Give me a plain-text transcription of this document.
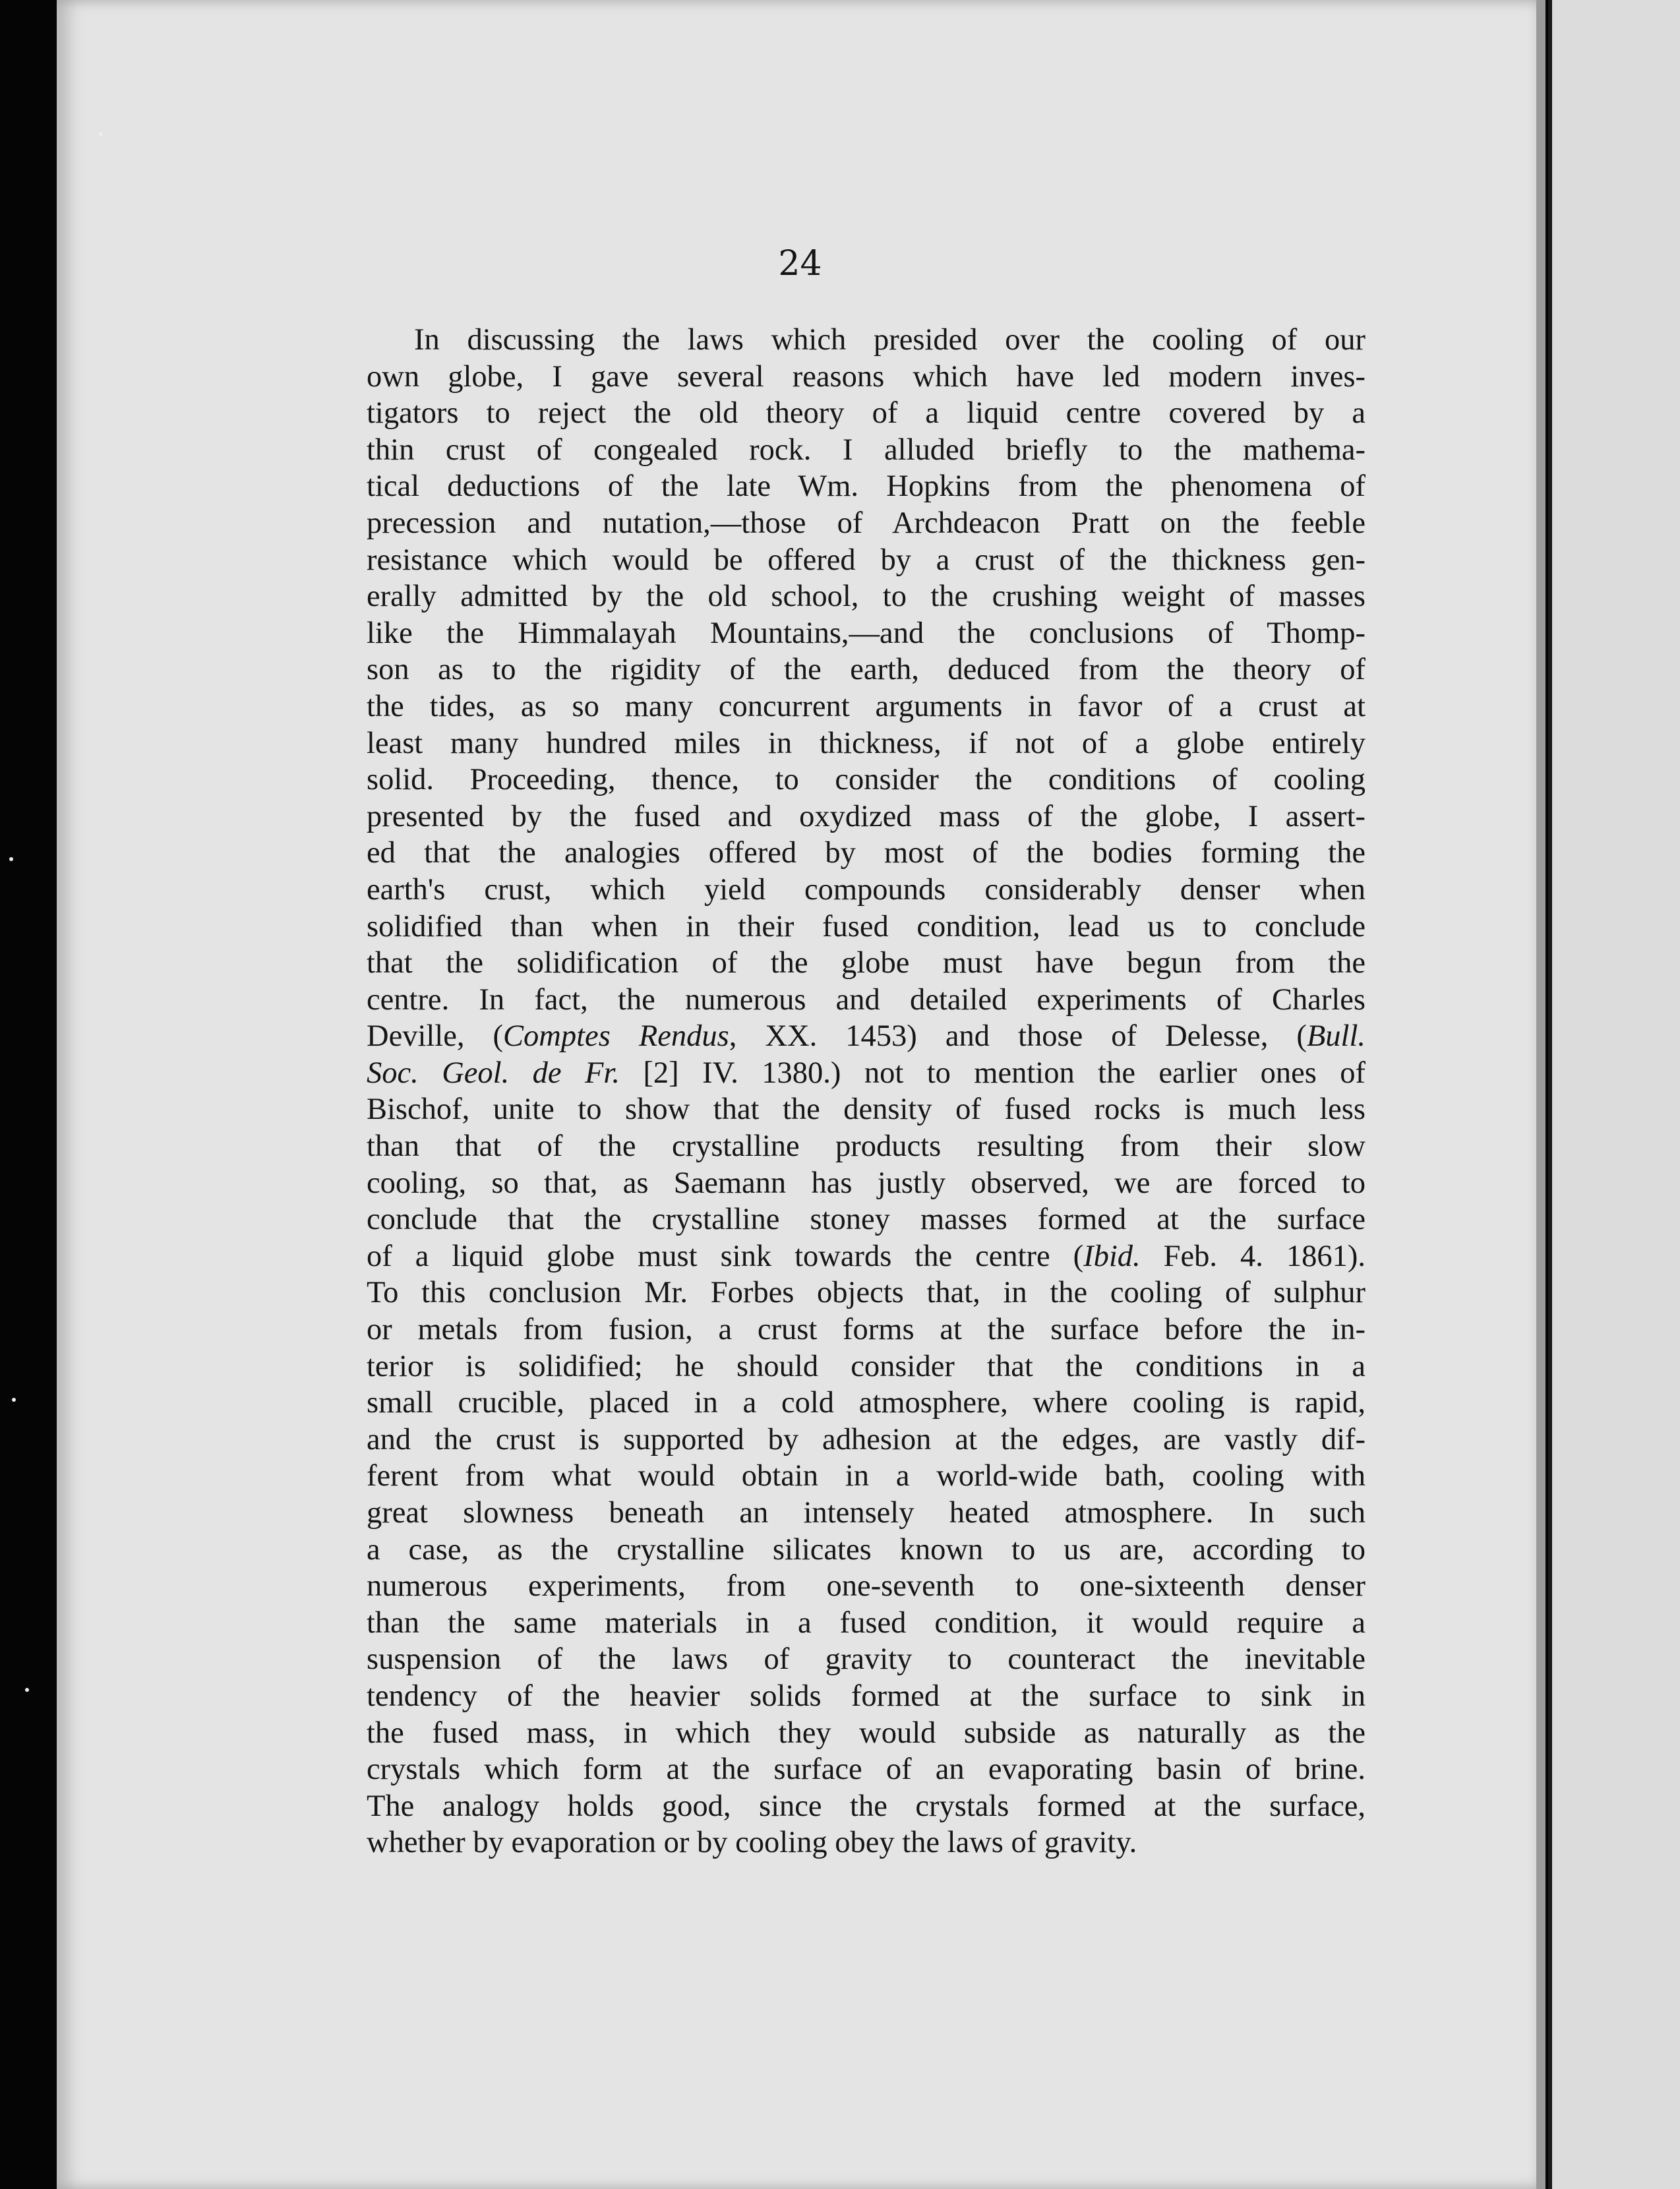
24
In discussing the laws which presided over the cooling of our
own globe, I gave several reasons which have led modern inves-
tigators to reject the old theory of a liquid centre covered by a
thin crust of congealed rock. I alluded briefly to the mathema-
tical deductions of the late Wm. Hopkins from the phenomena of
precession and nutation,—those of Archdeacon Pratt on the feeble
resistance which would be offered by a crust of the thickness gen-
erally admitted by the old school, to the crushing weight of masses
like the Himmalayah Mountains,—and the conclusions of Thomp-
son as to the rigidity of the earth, deduced from the theory of
the tides, as so many concurrent arguments in favor of a crust at
least many hundred miles in thickness, if not of a globe entirely
solid. Proceeding, thence, to consider the conditions of cooling
presented by the fused and oxydized mass of the globe, I assert-
ed that the analogies offered by most of the bodies forming the
earth's crust, which yield compounds considerably denser when
solidified than when in their fused condition, lead us to conclude
that the solidification of the globe must have begun from the
centre. In fact, the numerous and detailed experiments of Charles
Deville, (Comptes Rendus, XX. 1453) and those of Delesse, (Bull.
Soc. Geol. de Fr. [2] IV. 1380.) not to mention the earlier ones of
Bischof, unite to show that the density of fused rocks is much less
than that of the crystalline products resulting from their slow
cooling, so that, as Saemann has justly observed, we are forced to
conclude that the crystalline stoney masses formed at the surface
of a liquid globe must sink towards the centre (Ibid. Feb. 4. 1861).
To this conclusion Mr. Forbes objects that, in the cooling of sulphur
or metals from fusion, a crust forms at the surface before the in-
terior is solidified; he should consider that the conditions in a
small crucible, placed in a cold atmosphere, where cooling is rapid,
and the crust is supported by adhesion at the edges, are vastly dif-
ferent from what would obtain in a world-wide bath, cooling with
great slowness beneath an intensely heated atmosphere. In such
a case, as the crystalline silicates known to us are, according to
numerous experiments, from one-seventh to one-sixteenth denser
than the same materials in a fused condition, it would require a
suspension of the laws of gravity to counteract the inevitable
tendency of the heavier solids formed at the surface to sink in
the fused mass, in which they would subside as naturally as the
crystals which form at the surface of an evaporating basin of brine.
The analogy holds good, since the crystals formed at the surface,
whether by evaporation or by cooling obey the laws of gravity.
